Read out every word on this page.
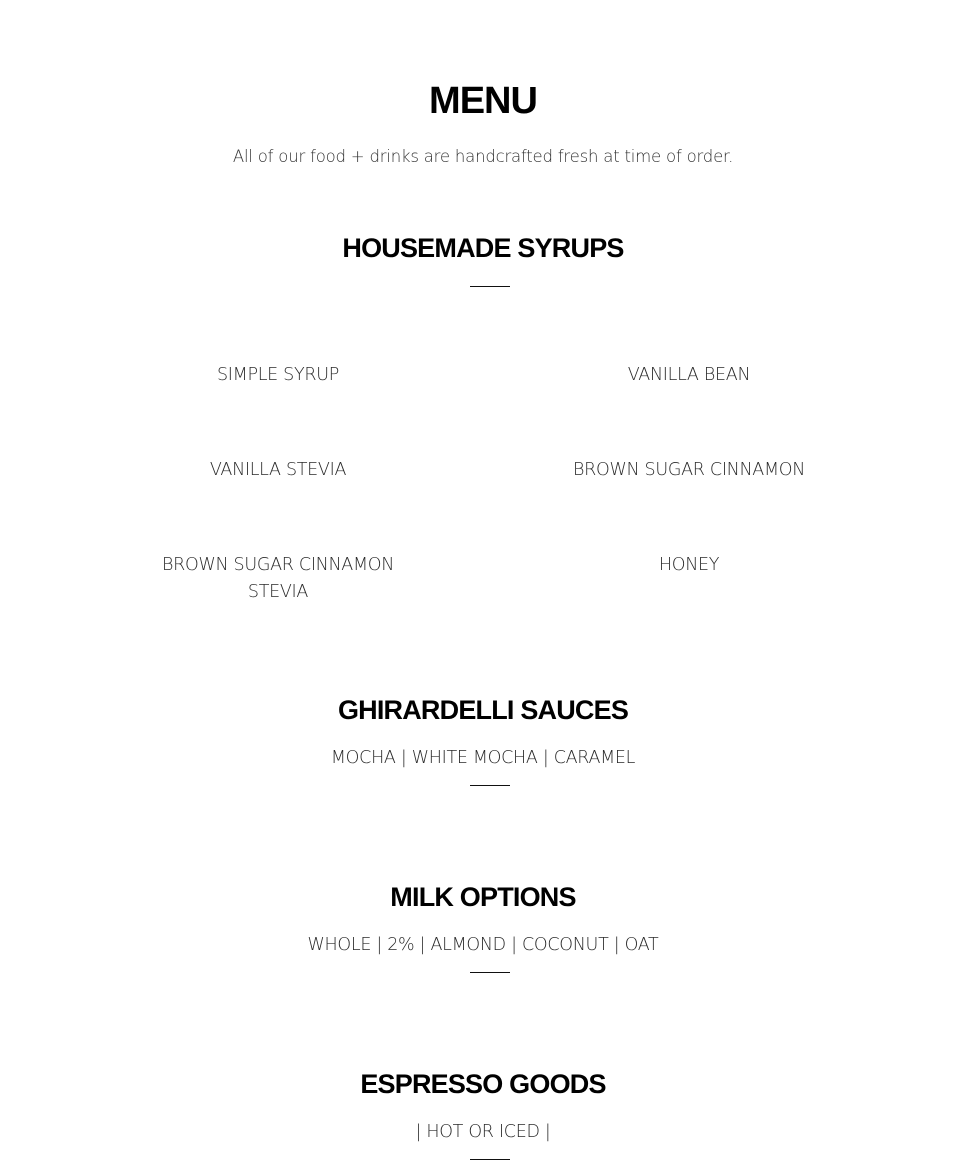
MENU
All of our food + drinks are handcrafted fresh at time of order.
HOUSEMADE SYRUPS
SIMPLE SYRUP	VANILLA BEAN
VANILLA STEVIA	BROWN SUGAR CINNAMON
BROWN SUGAR CINNAMON STEVIA
HONEY
GHIRARDELLI SAUCES
MOCHA | WHITE MOCHA | CARAMEL
MILK OPTIONS
WHOLE | 2% | ALMOND | COCONUT | OAT
ESPRESSO GOODS
| HOT OR ICED |
